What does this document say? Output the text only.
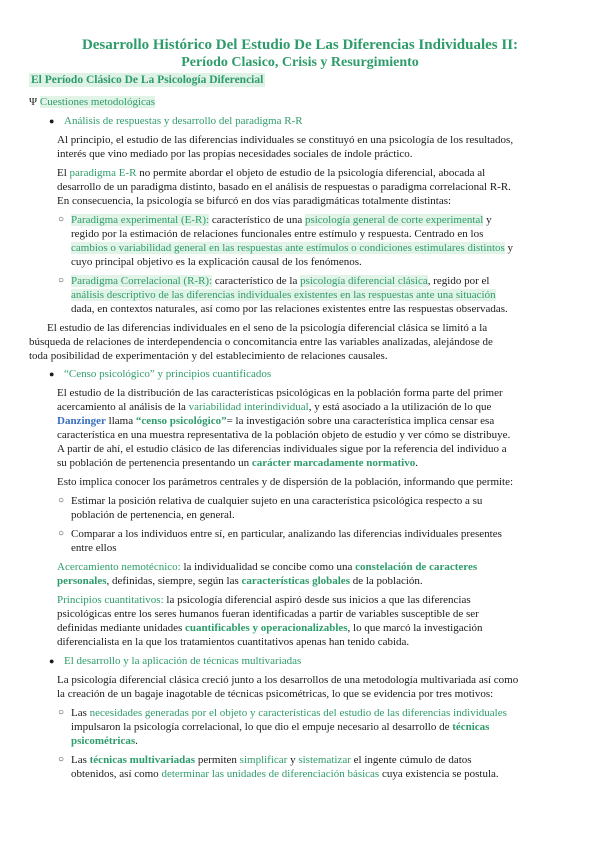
Desarrollo Histórico Del Estudio De Las Diferencias Individuales II:
Período Clasico, Crisis y Resurgimiento
El Período Clásico De La Psicología Diferencial
Ψ Cuestiones metodológicas
● Análisis de respuestas y desarrollo del paradigma R-R
Al principio, el estudio de las diferencias individuales se constituyó en una psicología de los resultados,
interés que vino mediado por las propias necesidades sociales de índole práctico.
El paradigma E-R no permite abordar el objeto de estudio de la psicología diferencial, abocada al
desarrollo de un paradigma distinto, basado en el análisis de respuestas o paradigma correlacional R-R.
En consecuencia, la psicología se bifurcó en dos vías paradigmáticas totalmente distintas:
○ Paradigma experimental (E-R): característico de una psicología general de corte experimental y
regido por la estimación de relaciones funcionales entre estímulo y respuesta. Centrado en los
cambios o variabilidad general en las respuestas ante estímulos o condiciones estimulares distintos y
cuyo principal objetivo es la explicación causal de los fenómenos.
○ Paradigma Correlacional (R-R): característico de la psicología diferencial clásica, regido por el
análisis descriptivo de las diferencias individuales existentes en las respuestas ante una situación
dada, en contextos naturales, así como por las relaciones existentes entre las respuestas observadas.
El estudio de las diferencias individuales en el seno de la psicología diferencial clásica se limitó a la
búsqueda de relaciones de interdependencia o concomitancia entre las variables analizadas, alejándose de
toda posibilidad de experimentación y del establecimiento de relaciones causales.
● “Censo psicológico” y principios cuantificados
El estudio de la distribución de las características psicológicas en la población forma parte del primer
acercamiento al análisis de la variabilidad interindividual, y está asociado a la utilización de lo que
Danzinger llama “censo psicológico”= la investigación sobre una característica implica censar esa
característica en una muestra representativa de la población objeto de estudio y ver cómo se distribuye.
A partir de ahí, el estudio clásico de las diferencias individuales sigue por la referencia del individuo a
su población de pertenencia presentando un carácter marcadamente normativo.
Esto implica conocer los parámetros centrales y de dispersión de la población, informando que permite:
○ Estimar la posición relativa de cualquier sujeto en una característica psicológica respecto a su
población de pertenencia, en general.
○ Comparar a los individuos entre sí, en particular, analizando las diferencias individuales presentes
entre ellos
Acercamiento nemotécnico: la individualidad se concibe como una constelación de caracteres
personales, definidas, siempre, según las características globales de la población.
Principios cuantitativos: la psicología diferencial aspiró desde sus inicios a que las diferencias
psicológicas entre los seres humanos fueran identificadas a partir de variables susceptible de ser
definidas mediante unidades cuantificables y operacionalizables, lo que marcó la investigación
diferencialista en la que los tratamientos cuantitativos apenas han tenido cabida.
● El desarrollo y la aplicación de técnicas multivariadas
La psicología diferencial clásica creció junto a los desarrollos de una metodología multivariada así como
la creación de un bagaje inagotable de técnicas psicométricas, lo que se evidencia por tres motivos:
○ Las necesidades generadas por el objeto y características del estudio de las diferencias individuales
impulsaron la psicología correlacional, lo que dio el empuje necesario al desarrollo de técnicas
psicométricas.
○ Las técnicas multivariadas permiten simplificar y sistematizar el ingente cúmulo de datos
obtenidos, así como determinar las unidades de diferenciación básicas cuya existencia se postula.
